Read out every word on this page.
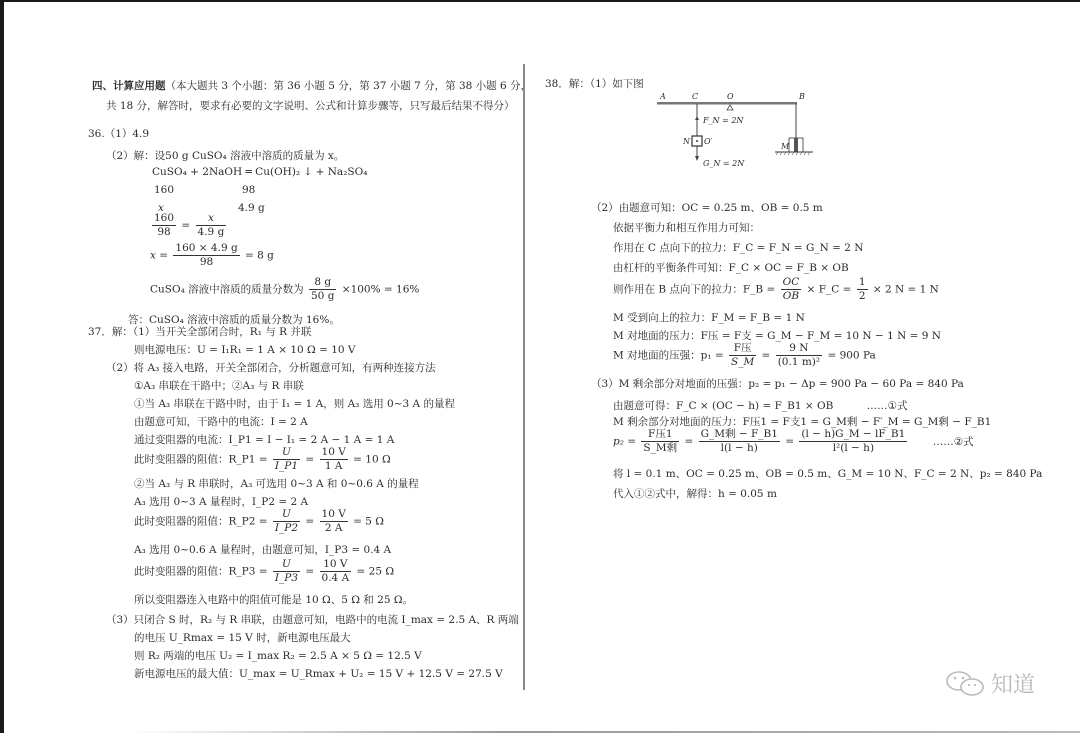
四、计算应用题（本大题共 3 个小题：第 36 小题 5 分，第 37 小题 7 分，第 38 小题 6 分，
共 18 分，解答时，要求有必要的文字说明、公式和计算步骤等，只写最后结果不得分）
36.（1）4.9
（2）解：设50 g CuSO₄ 溶液中溶质的质量为 x。
CuSO₄ + 2NaOH ═ Cu(OH)₂ ↓ + Na₂SO₄
160	98
x	4.9 g
$\frac{160}{98} = \frac{x}{4.9 g}$
$x = \frac{160 \times 4.9 g}{98} = 8$ g
CuSO₄ 溶液中溶质的质量分数为 $\frac{8 g}{50 g} \times 100\% = 16\%$
答：CuSO₄ 溶液中溶质的质量分数为 16%。
37．解：（1）当开关全部闭合时，R₁ 与 R 并联
则电源电压：U = I₁R₁ = 1 A × 10 Ω = 10 V
（2）将 A₃ 接入电路，开关全部闭合，分析题意可知，有两种连接方法
①A₃ 串联在干路中；②A₃ 与 R 串联
①当 A₃ 串联在干路中时，由于 I₁ = 1 A，则 A₃ 选用 0~3 A 的量程
由题意可知，干路中的电流：I = 2 A
通过变阻器的电流：I_P1 = I − I₁ = 2 A − 1 A = 1 A
此时变阻器的阻值：R_P1 = $\frac{U}{I\_P1} = \frac{10 V}{1 A} = 10$ Ω
②当 A₃ 与 R 串联时，A₃ 可选用 0~3 A 和 0~0.6 A 的量程
A₃ 选用 0~3 A 量程时，I_P2 = 2 A
此时变阻器的阻值：R_P2 = $\frac{U}{I\_P2} = \frac{10 V}{2 A} = 5$ Ω
A₃ 选用 0~0.6 A 量程时，由题意可知，I_P3 = 0.4 A
此时变阻器的阻值：R_P3 = $\frac{U}{I\_P3} = \frac{10 V}{0.4 A} = 25$ Ω
所以变阻器连入电路中的阻值可能是 10 Ω、5 Ω 和 25 Ω。
（3）只闭合 S 时，R₂ 与 R 串联，由题意可知，电路中的电流 I_max = 2.5 A、R 两端
的电压 U_Rmax = 15 V 时，新电源电压最大
则 R₂ 两端的电压 U₂ = I_max R₂ = 2.5 A × 5 Ω = 12.5 V
新电源电压的最大值：U_max = U_Rmax + U₂ = 15 V + 12.5 V = 27.5 V
38．解：（1）如下图
（2）由题意可知：OC = 0.25 m、OB = 0.5 m
依据平衡力和相互作用力可知：
作用在 C 点向下的拉力：F_C = F_N = G_N = 2 N
由杠杆的平衡条件可知：F_C × OC = F_B × OB
则作用在 B 点向下的拉力：F_B = $\frac{OC}{OB}$ × F_C = $\frac{1}{2} \times 2$ N = 1 N
M 受到向上的拉力：F_M = F_B = 1 N
M 对地面的压力：F压 = F支 = G_M − F_M = 10 N − 1 N = 9 N
M 对地面的压强：$p_1 = \frac{\text{F压}}{S\_M} = \frac{9 N}{\text{(0.1 m)²}} = 900$ Pa
（3）M 剩余部分对地面的压强：p₂ = p₁ − Δp = 900 Pa − 60 Pa = 840 Pa
由题意可得：F_C × (OC − h) = F_B1 × OB	……①式
M 剩余部分对地面的压力：F压1 = F支1 = G_M剩 − F′_M = G_M剩 − F_B1
$p_2 = \frac{\text{F压1}}{\text{S\_M剩}} = \frac{\text{G\_M剩 − F\_B1}}{l(l - h)} = \frac{(l - h)G\_M - lF\_B1}{\text{l²(l − h)}}$ ……②式
将 l = 0.1 m、OC = 0.25 m、OB = 0.5 m、G_M = 10 N、F_C = 2 N、p₂ = 840 Pa
代入①②式中，解得：h = 0.05 m
A	C	O	B
F_N = 2N
N O′
G_N = 2N
M
知道
